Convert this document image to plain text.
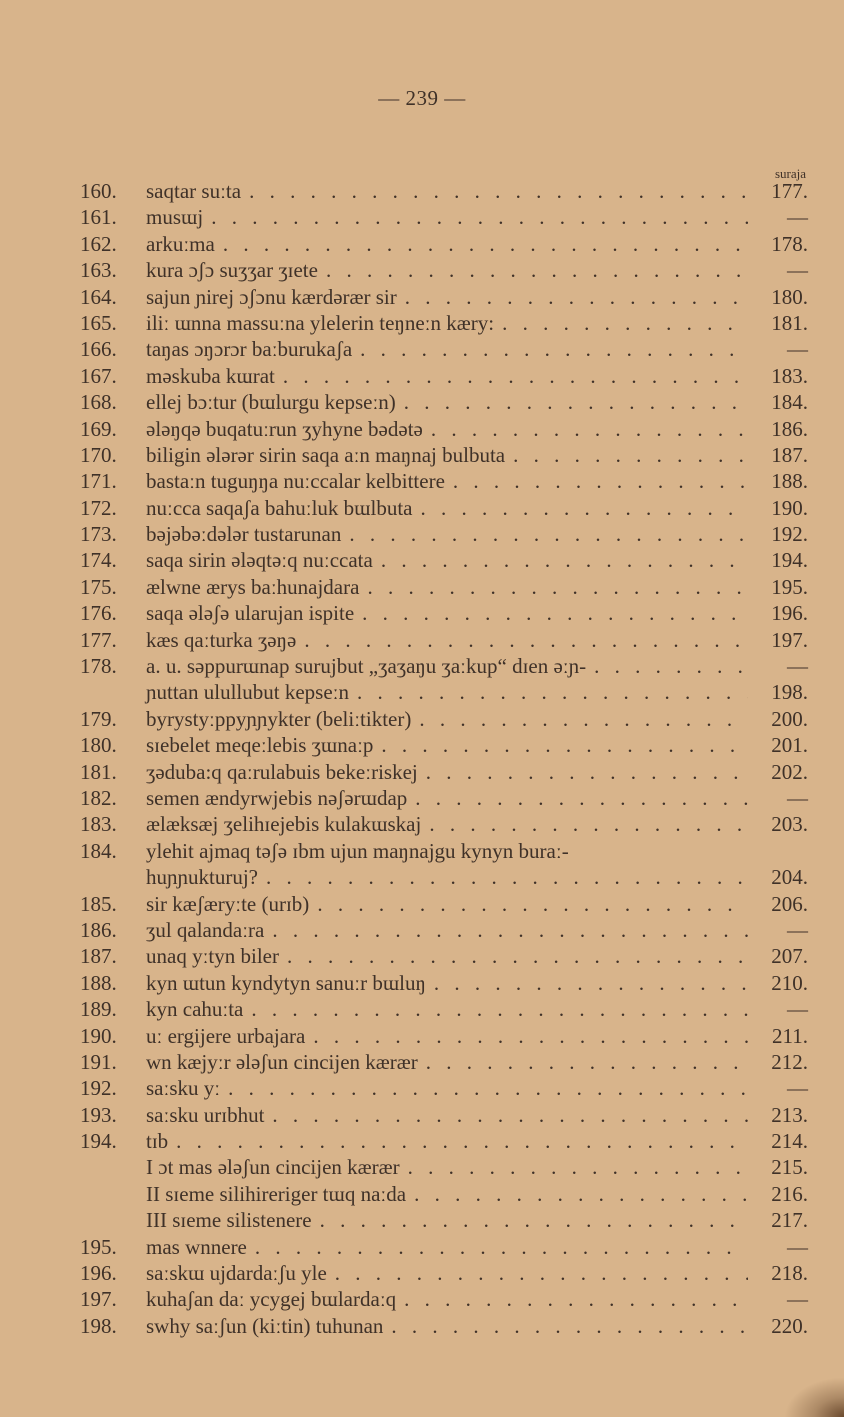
— 239 —
suraja
160.	saqtar suːta . . .	177.
161.	musɯj . . .	—
162.	arkuːma . . .	178.
163.	kura ɔʃɔ suʒʒar ʒɪete . . .	—
164.	sajun ɲirej ɔʃɔnu kærdərær sir . . .	180.
165.	iliː ɯnna massuːna ylelerin teŋneːn kæry: . . .	181.
166.	taŋas ɔŋɔrɔr baːburukaʃa . . .	—
167.	məskuba kɯrat . . .	183.
168.	ellej bɔːtur (bɯlurgu kepseːn) . . .	184.
169.	ələŋqə buqatuːrun ʒyhyne bədətə . . .	186.
170.	biligin ələrər sirin saqa aːn maŋnaj bulbuta . . .	187.
171.	bastaːn tuguŋŋa nuːccalar kelbittere . . .	188.
172.	nuːcca saqaʃa bahuːluk bɯlbuta . . .	190.
173.	bəjəbəːdələr tustarunan . . .	192.
174.	saqa sirin ələqtəːq nuːccata . . .	194.
175.	ælwne ærys baːhunajdara . . .	195.
176.	saqa ələʃə ularujan ispite . . .	196.
177.	kæs qaːturka ʒəŋə . . .	197.
178.	a. u. səppurɯnap surujbut „ʒaʒaŋu ʒaːkup“ dɪen əːɲ- . . .	—
ɲuttan ulullubut kepseːn . . .	198.
179.	byrystyːppyɲɲykter (beliːtikter) . . .	200.
180.	sɪebelet meqeːlebis ʒɯnaːp . . .	201.
181.	ʒəduba:q qaːrulabuis bekeːriskej . . .	202.
182.	semen ændyrwjebis nəʃərɯdap . . .	—
183.	ælæksæj ʒelihɪejebis kulakɯskaj . . .	203.
184.	ylehit ajmaq təʃə ɪbm ujun maŋnajgu kynyn buraː-
huɲɲukturuj? . . .	204.
185.	sir kæʃæryːte (urɪb) . . .	206.
186.	ʒul qalandaːra . . .	—
187.	unaq yːtyn biler . . .	207.
188.	kyn ɯtun kyndytyn sanuːr bɯluŋ . . .	210.
189.	kyn cahuːta . . .	—
190.	uː ergijere urbajara . . .	211.
191.	wn kæjyːr ələʃun cincijen kærær . . .	212.
192.	saːsku yː . . .	—
193.	saːsku urɪbhut . . .	213.
194.	tɪb . . .	214.
I ɔt mas ələʃun cincijen kærær . . .	215.
II sɪeme silihireriger tɯq naːda . . .	216.
III sɪeme silistenere . . .	217.
195.	mas wnnere . . .	—
196.	saːskɯ ujdardaːʃu yle . . .	218.
197.	kuhaʃan daː ycygej bɯlardaːq . . .	—
198.	swhy saːʃun (kiːtin) tuhunan . . .	220.
